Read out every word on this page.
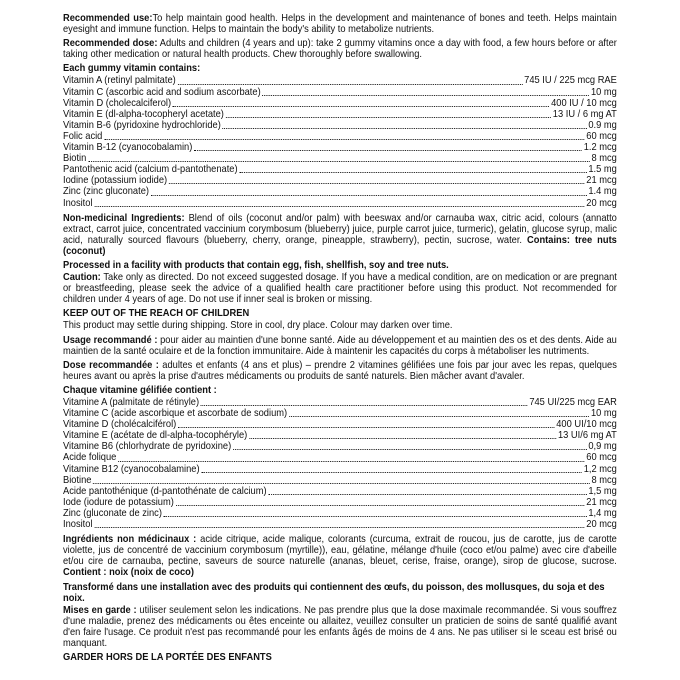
Recommended use:To help maintain good health. Helps in the development and maintenance of bones and teeth. Helps maintain eyesight and immune function. Helps to maintain the body's ability to metabolize nutrients.

Recommended dose: Adults and children (4 years and up): take 2 gummy vitamins once a day with food, a few hours before or after taking other medication or natural health products. Chew thoroughly before swallowing.

Each gummy vitamin contains:

Vitamin A (retinyl palmitate)	745 IU / 225 mcg RAE
Vitamin C (ascorbic acid and sodium ascorbate)	10 mg
Vitamin D (cholecalciferol)	400 IU / 10 mcg
Vitamin E (dl-alpha-tocopheryl acetate)	13 IU / 6 mg AT
Vitamin B-6 (pyridoxine hydrochloride)	0.9 mg
Folic acid	60 mcg
Vitamin B-12 (cyanocobalamin)	1.2 mcg
Biotin	8 mcg
Pantothenic acid (calcium d-pantothenate)	1.5 mg
Iodine (potassium iodide)	21 mcg
Zinc (zinc gluconate)	1.4 mg
Inositol	20 mcg

Non-medicinal Ingredients: Blend of oils (coconut and/or palm) with beeswax and/or carnauba wax, citric acid, colours (annatto extract, carrot juice, concentrated vaccinium corymbosum (blueberry) juice, purple carrot juice, turmeric), gelatin, glucose syrup, malic acid, naturally sourced flavours (blueberry, cherry, orange, pineapple, strawberry), pectin, sucrose, water. Contains: tree nuts (coconut)

Processed in a facility with products that contain egg, fish, shellfish, soy and tree nuts.

Caution: Take only as directed. Do not exceed suggested dosage. If you have a medical condition, are on medication or are pregnant or breastfeeding, please seek the advice of a qualified health care practitioner before using this product. Not recommended for children under 4 years of age. Do not use if inner seal is broken or missing.

KEEP OUT OF THE REACH OF CHILDREN

This product may settle during shipping. Store in cool, dry place. Colour may darken over time.

Usage recommandé : pour aider au maintien d'une bonne santé. Aide au développement et au maintien des os et des dents. Aide au maintien de la santé oculaire et de la fonction immunitaire. Aide à maintenir les capacités du corps à métaboliser les nutriments.

Dose recommandée : adultes et enfants (4 ans et plus) – prendre 2 vitamines gélifiées une fois par jour avec les repas, quelques heures avant ou après la prise d'autres médicaments ou produits de santé naturels. Bien mâcher avant d'avaler.

Chaque vitamine gélifiée contient :

Vitamine A (palmitate de rétinyle)	745 UI/225 mcg EAR
Vitamine C (acide ascorbique et ascorbate de sodium)	10 mg
Vitamine D (cholécalciférol)	400 UI/10 mcg
Vitamine E (acétate de dl-alpha-tocophéryle)	13 UI/6 mg AT
Vitamine B6 (chlorhydrate de pyridoxine)	0,9 mg
Acide folique	60 mcg
Vitamine B12 (cyanocobalamine)	1,2 mcg
Biotine	8 mcg
Acide pantothénique (d-pantothénate de calcium)	1,5 mg
Iode (iodure de potassium)	21 mcg
Zinc (gluconate de zinc)	1,4 mg
Inositol	20 mcg

Ingrédients non médicinaux : acide citrique, acide malique, colorants (curcuma, extrait de roucou, jus de carotte, jus de carotte violette, jus de concentré de vaccinium corymbosum (myrtille)), eau, gélatine, mélange d'huile (coco et/ou palme) avec cire d'abeille et/ou cire de carnauba, pectine, saveurs de source naturelle (ananas, bleuet, cerise, fraise, orange), sirop de glucose, sucrose. Contient : noix (noix de coco)

Transformé dans une installation avec des produits qui contiennent des œufs, du poisson, des mollusques, du soja et des noix.

Mises en garde : utiliser seulement selon les indications. Ne pas prendre plus que la dose maximale recommandée. Si vous souffrez d'une maladie, prenez des médicaments ou êtes enceinte ou allaitez, veuillez consulter un praticien de soins de santé qualifié avant d'en faire l'usage. Ce produit n'est pas recommandé pour les enfants âgés de moins de 4 ans. Ne pas utiliser si le sceau est brisé ou manquant.

GARDER HORS DE LA PORTÉE DES ENFANTS
